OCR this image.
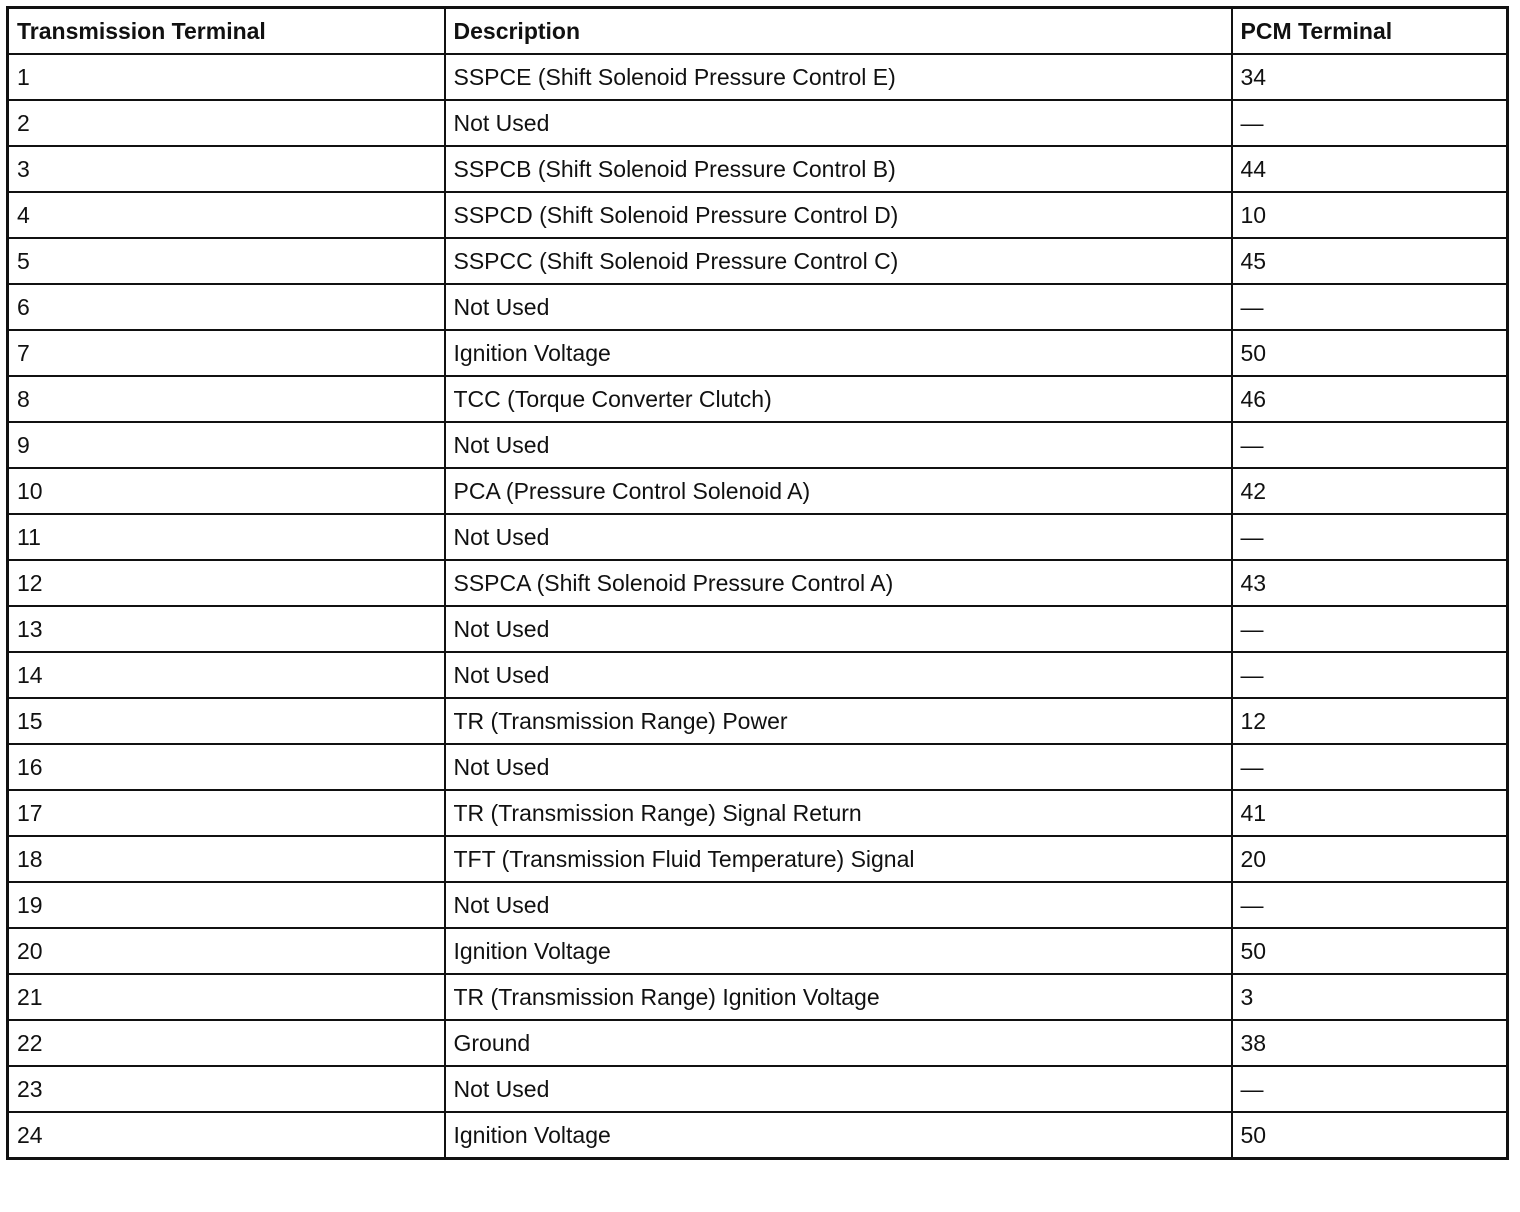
Transmission Terminal	Description	PCM Terminal
1	SSPCE (Shift Solenoid Pressure Control E)	34
2	Not Used	—
3	SSPCB (Shift Solenoid Pressure Control B)	44
4	SSPCD (Shift Solenoid Pressure Control D)	10
5	SSPCC (Shift Solenoid Pressure Control C)	45
6	Not Used	—
7	Ignition Voltage	50
8	TCC (Torque Converter Clutch)	46
9	Not Used	—
10	PCA (Pressure Control Solenoid A)	42
11	Not Used	—
12	SSPCA (Shift Solenoid Pressure Control A)	43
13	Not Used	—
14	Not Used	—
15	TR (Transmission Range) Power	12
16	Not Used	—
17	TR (Transmission Range) Signal Return	41
18	TFT (Transmission Fluid Temperature) Signal	20
19	Not Used	—
20	Ignition Voltage	50
21	TR (Transmission Range) Ignition Voltage	3
22	Ground	38
23	Not Used	—
24	Ignition Voltage	50
